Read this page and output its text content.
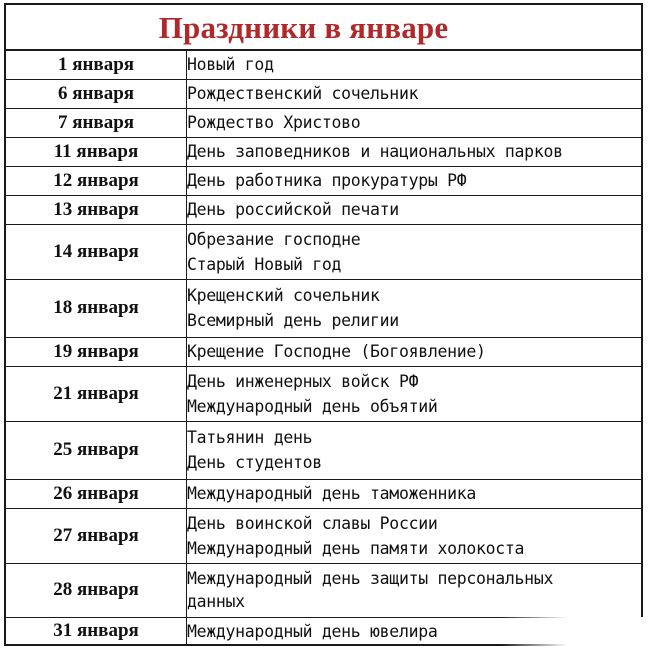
Праздники в январе
1 января	Новый год

6 января	Рождественский сочельник

7 января	Рождество Христово

11 января	День заповедников и национальных парков

12 января	День работника прокуратуры РФ

13 января	День российской печати

14 января	Обрезание господне
Старый Новый год

18 января	Крещенский сочельник
Всемирный день религии

19 января	Крещение Господне (Богоявление)

21 января	День инженерных войск РФ
Международный день объятий

25 января	Татьянин день
День студентов

26 января	Международный день таможенника

27 января	День воинской славы России
Международный день памяти холокоста

28 января	Международный день защиты персональных
данных

31 января	Международный день ювелира
